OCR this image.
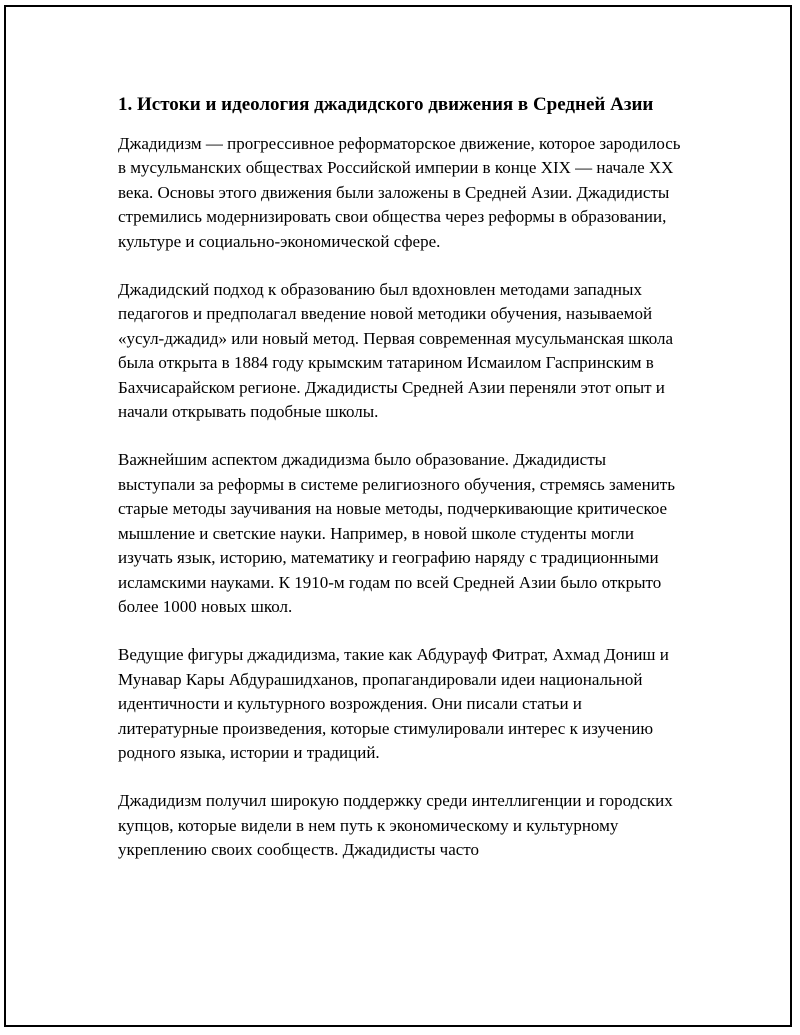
1. Истоки и идеология джадидского движения в Средней Азии

Джадидизм — прогрессивное реформаторское движение, которое зародилось в мусульманских обществах Российской империи в конце XIX — начале XX века. Основы этого движения были заложены в Средней Азии. Джадидисты стремились модернизировать свои общества через реформы в образовании, культуре и социально-экономической сфере.

Джадидский подход к образованию был вдохновлен методами западных педагогов и предполагал введение новой методики обучения, называемой «усул-джадид» или новый метод. Первая современная мусульманская школа была открыта в 1884 году крымским татарином Исмаилом Гаспринским в Бахчисарайском регионе. Джадидисты Средней Азии переняли этот опыт и начали открывать подобные школы.

Важнейшим аспектом джадидизма было образование. Джадидисты выступали за реформы в системе религиозного обучения, стремясь заменить старые методы заучивания на новые методы, подчеркивающие критическое мышление и светские науки. Например, в новой школе студенты могли изучать язык, историю, математику и географию наряду с традиционными исламскими науками. К 1910-м годам по всей Средней Азии было открыто более 1000 новых школ.

Ведущие фигуры джадидизма, такие как Абдурауф Фитрат, Ахмад Дониш и Мунавар Кары Абдурашидханов, пропагандировали идеи национальной идентичности и культурного возрождения. Они писали статьи и литературные произведения, которые стимулировали интерес к изучению родного языка, истории и традиций.

Джадидизм получил широкую поддержку среди интеллигенции и городских купцов, которые видели в нем путь к экономическому и культурному укреплению своих сообществ. Джадидисты часто
